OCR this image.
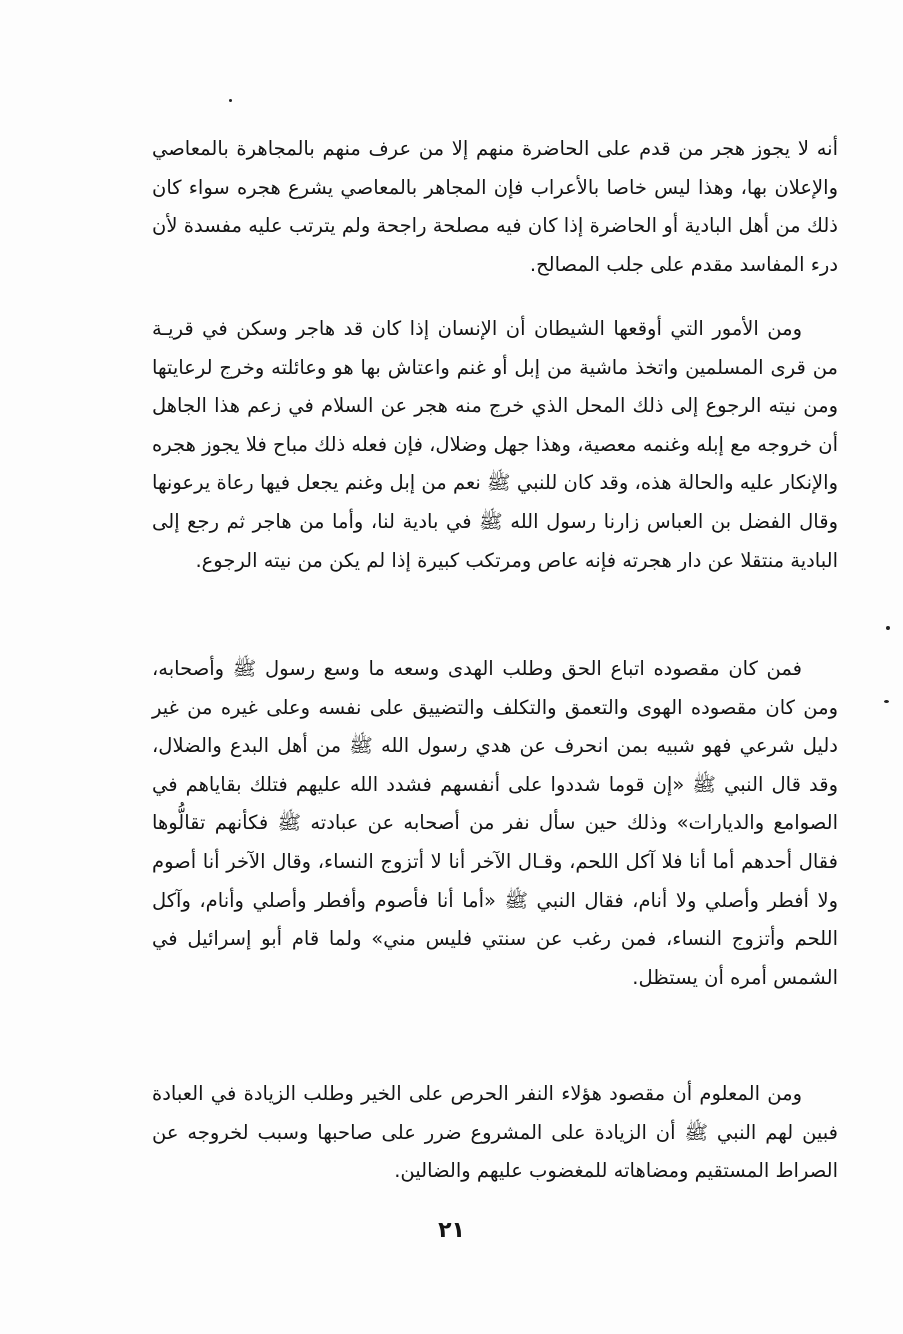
أنه لا يجوز هجر من قدم على الحاضرة منهم إلا من عرف منهم بالمجاهرة بالمعاصي والإعلان بها، وهذا ليس خاصا بالأعراب فإن المجاهر بالمعاصي يشرع هجره سواء كان ذلك من أهل البادية أو الحاضرة إذا كان فيه مصلحة راجحة ولم يترتب عليه مفسدة لأن درء المفاسد مقدم على جلب المصالح.

ومن الأمور التي أوقعها الشيطان أن الإنسان إذا كان قد هاجر وسكن في قريـة من قرى المسلمين واتخذ ماشية من إبل أو غنم واعتاش بها هو وعائلته وخرج لرعايتها ومن نيته الرجوع إلى ذلك المحل الذي خرج منه هجر عن السلام في زعم هذا الجاهل أن خروجه مع إبله وغنمه معصية، وهذا جهل وضلال، فإن فعله ذلك مباح فلا يجوز هجره والإنكار عليه والحالة هذه، وقد كان للنبي ﷺ نعم من إبل وغنم يجعل فيها رعاة يرعونها وقال الفضل بن العباس زارنا رسول الله ﷺ في بادية لنا، وأما من هاجر ثم رجع إلى البادية منتقلا عن دار هجرته فإنه عاص ومرتكب كبيرة إذا لم يكن من نيته الرجوع.

فمن كان مقصوده اتباع الحق وطلب الهدى وسعه ما وسع رسول ﷺ وأصحابه، ومن كان مقصوده الهوى والتعمق والتكلف والتضييق على نفسه وعلى غيره من غير دليل شرعي فهو شبيه بمن انحرف عن هدي رسول الله ﷺ من أهل البدع والضلال، وقد قال النبي ﷺ «إن قوما شددوا على أنفسهم فشدد الله عليهم فتلك بقاياهم في الصوامع والديارات» وذلك حين سأل نفر من أصحابه عن عبادته ﷺ فكأنهم تقالُّوها فقال أحدهم أما أنا فلا آكل اللحم، وقـال الآخر أنا لا أتزوج النساء، وقال الآخر أنا أصوم ولا أفطر وأصلي ولا أنام، فقال النبي ﷺ «أما أنا فأصوم وأفطر وأصلي وأنام، وآكل اللحم وأتزوج النساء، فمن رغب عن سنتي فليس مني» ولما قام أبو إسرائيل في الشمس أمره أن يستظل.

ومن المعلوم أن مقصود هؤلاء النفر الحرص على الخير وطلب الزيادة في العبادة فبين لهم النبي ﷺ أن الزيادة على المشروع ضرر على صاحبها وسبب لخروجه عن الصراط المستقيم ومضاهاته للمغضوب عليهم والضالين.

٢١
